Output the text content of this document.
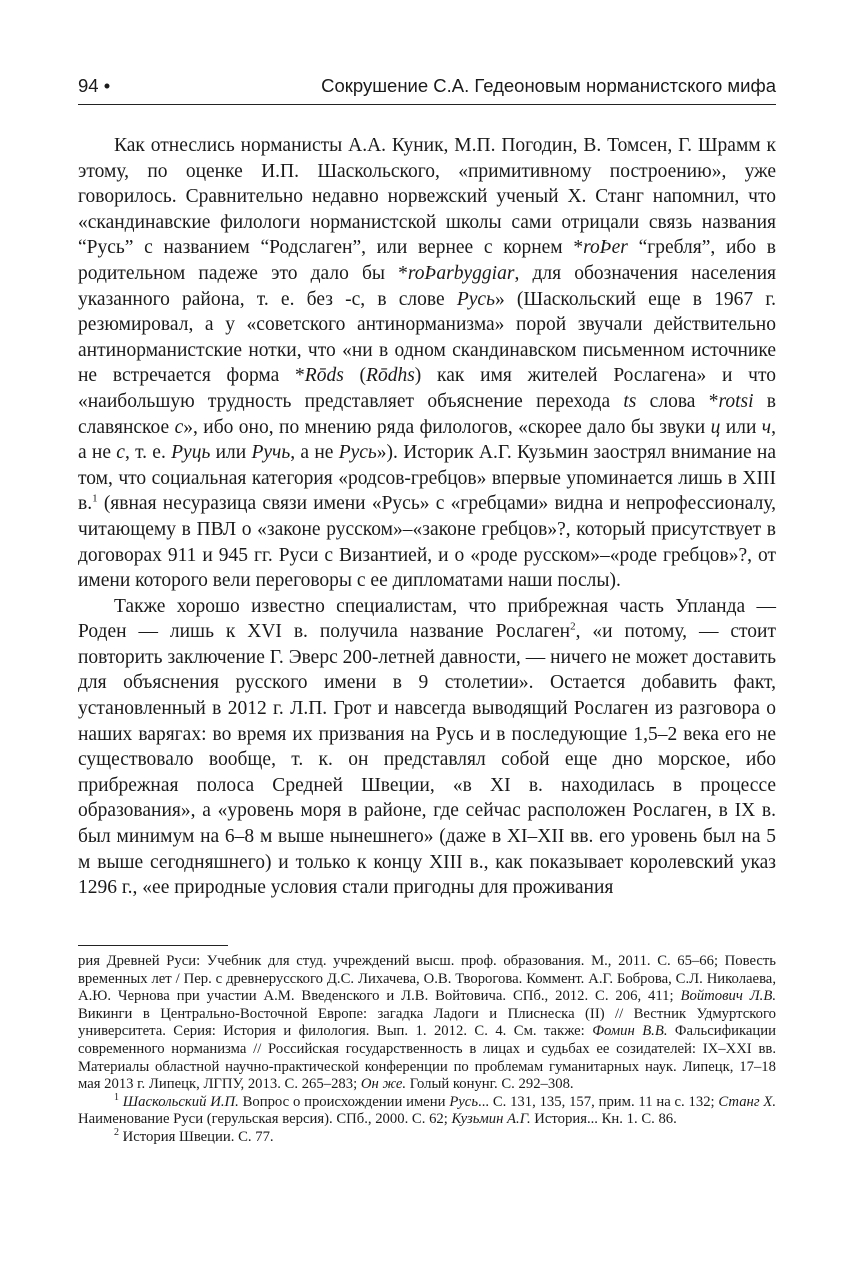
94 •	Сокрушение С.А. Гедеоновым норманистского мифа

Как отнеслись норманисты А.А. Куник, М.П. Погодин, В. Томсен, Г. Шрамм к этому, по оценке И.П. Шаскольского, «примитивному построению», уже говорилось. Сравнительно недавно норвежский ученый Х. Станг напомнил, что «скандинавские филологи норманистской школы сами отрицали связь названия “Русь” с названием “Родслаген”, или вернее с корнем *roÞer “гребля”, ибо в родительном падеже это дало бы *roÞarbyggiar, для обозначения населения указанного района, т. е. без -с, в слове Русь» (Шаскольский еще в 1967 г. резюмировал, а у «советского антинорманизма» порой звучали действительно антинорманистские нотки, что «ни в одном скандинавском письменном источнике не встречается форма *Rōds (Rōdhs) как имя жителей Рослагена» и что «наибольшую трудность представляет объяснение перехода ts слова *rotsi в славянское с», ибо оно, по мнению ряда филологов, «скорее дало бы звуки ц или ч, а не с, т. е. Руць или Ручь, а не Русь»). Историк А.Г. Кузьмин заострял внимание на том, что социальная категория «родсов-гребцов» впервые упоминается лишь в XIII в.$^1$ (явная несуразица связи имени «Русь» с «гребцами» видна и непрофессионалу, читающему в ПВЛ о «законе русском»–«законе гребцов»?, который присутствует в договорах 911 и 945 гг. Руси с Византией, и о «роде русском»–«роде гребцов»?, от имени которого вели переговоры с ее дипломатами наши послы).

Также хорошо известно специалистам, что прибрежная часть Упланда — Роден — лишь к XVI в. получила название Рослаген$^2$, «и потому, — стоит повторить заключение Г. Эверс 200-летней давности, — ничего не может доставить для объяснения русского имени в 9 столетии». Остается добавить факт, установленный в 2012 г. Л.П. Грот и навсегда выводящий Рослаген из разговора о наших варягах: во время их призвания на Русь и в последующие 1,5–2 века его не существовало вообще, т. к. он представлял собой еще дно морское, ибо прибрежная полоса Средней Швеции, «в XI в. находилась в процессе образования», а «уровень моря в районе, где сейчас расположен Рослаген, в IX в. был минимум на 6–8 м выше нынешнего» (даже в XI–XII вв. его уровень был на 5 м выше сегодняшнего) и только к концу XIII в., как показывает королевский указ 1296 г., «ее природные условия стали пригодны для проживания

рия Древней Руси: Учебник для студ. учреждений высш. проф. образования. М., 2011. С. 65–66; Повесть временных лет / Пер. с древнерусского Д.С. Лихачева, О.В. Творогова. Коммент. А.Г. Боброва, С.Л. Николаева, А.Ю. Чернова при участии А.М. Введенского и Л.В. Войтовича. СПб., 2012. С. 206, 411; Войтович Л.В. Викинги в Центрально-Восточной Европе: загадка Ладоги и Плиснеска (II) // Вестник Удмуртского университета. Серия: История и филология. Вып. 1. 2012. С. 4. См. также: Фомин В.В. Фальсификации современного норманизма // Российская государственность в лицах и судьбах ее созидателей: IX–XXI вв. Материалы областной научно-практической конференции по проблемам гуманитарных наук. Липецк, 17–18 мая 2013 г. Липецк, ЛГПУ, 2013. С. 265–283; Он же. Голый конунг. С. 292–308.

$^1$ Шаскольский И.П. Вопрос о происхождении имени Русь... С. 131, 135, 157, прим. 11 на с. 132; Станг Х. Наименование Руси (герульская версия). СПб., 2000. С. 62; Кузьмин А.Г. История... Кн. 1. С. 86.

$^2$ История Швеции. С. 77.
